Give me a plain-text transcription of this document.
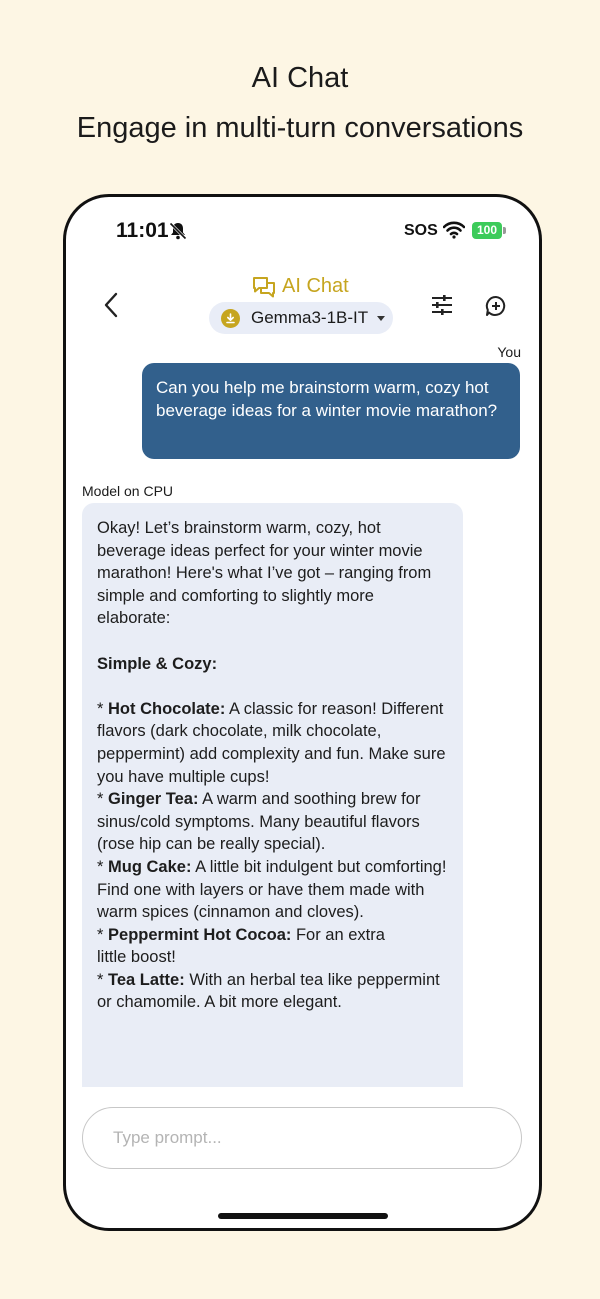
AI Chat
Engage in multi-turn conversations
11:01	SOS	100
AI Chat
Gemma3-1B-IT
You
Can you help me brainstorm warm, cozy hot beverage ideas for a winter movie marathon?
Model on CPU

Okay! Let’s brainstorm warm, cozy, hot beverage ideas perfect for your winter movie marathon! Here's what I’ve got – ranging from simple and comforting to slightly more elaborate:

Simple & Cozy:

* Hot Chocolate: A classic for reason! Different flavors (dark chocolate, milk chocolate, peppermint) add complexity and fun. Make sure you have multiple cups!

* Ginger Tea: A warm and soothing brew for sinus/cold symptoms. Many beautiful flavors (rose hip can be really special).

* Mug Cake: A little bit indulgent but comforting! Find one with layers or have them made with warm spices (cinnamon and cloves).

* Peppermint Hot Cocoa: For an extra little boost!

* Tea Latte: With an herbal tea like peppermint or chamomile. A bit more elegant.

Type prompt...
